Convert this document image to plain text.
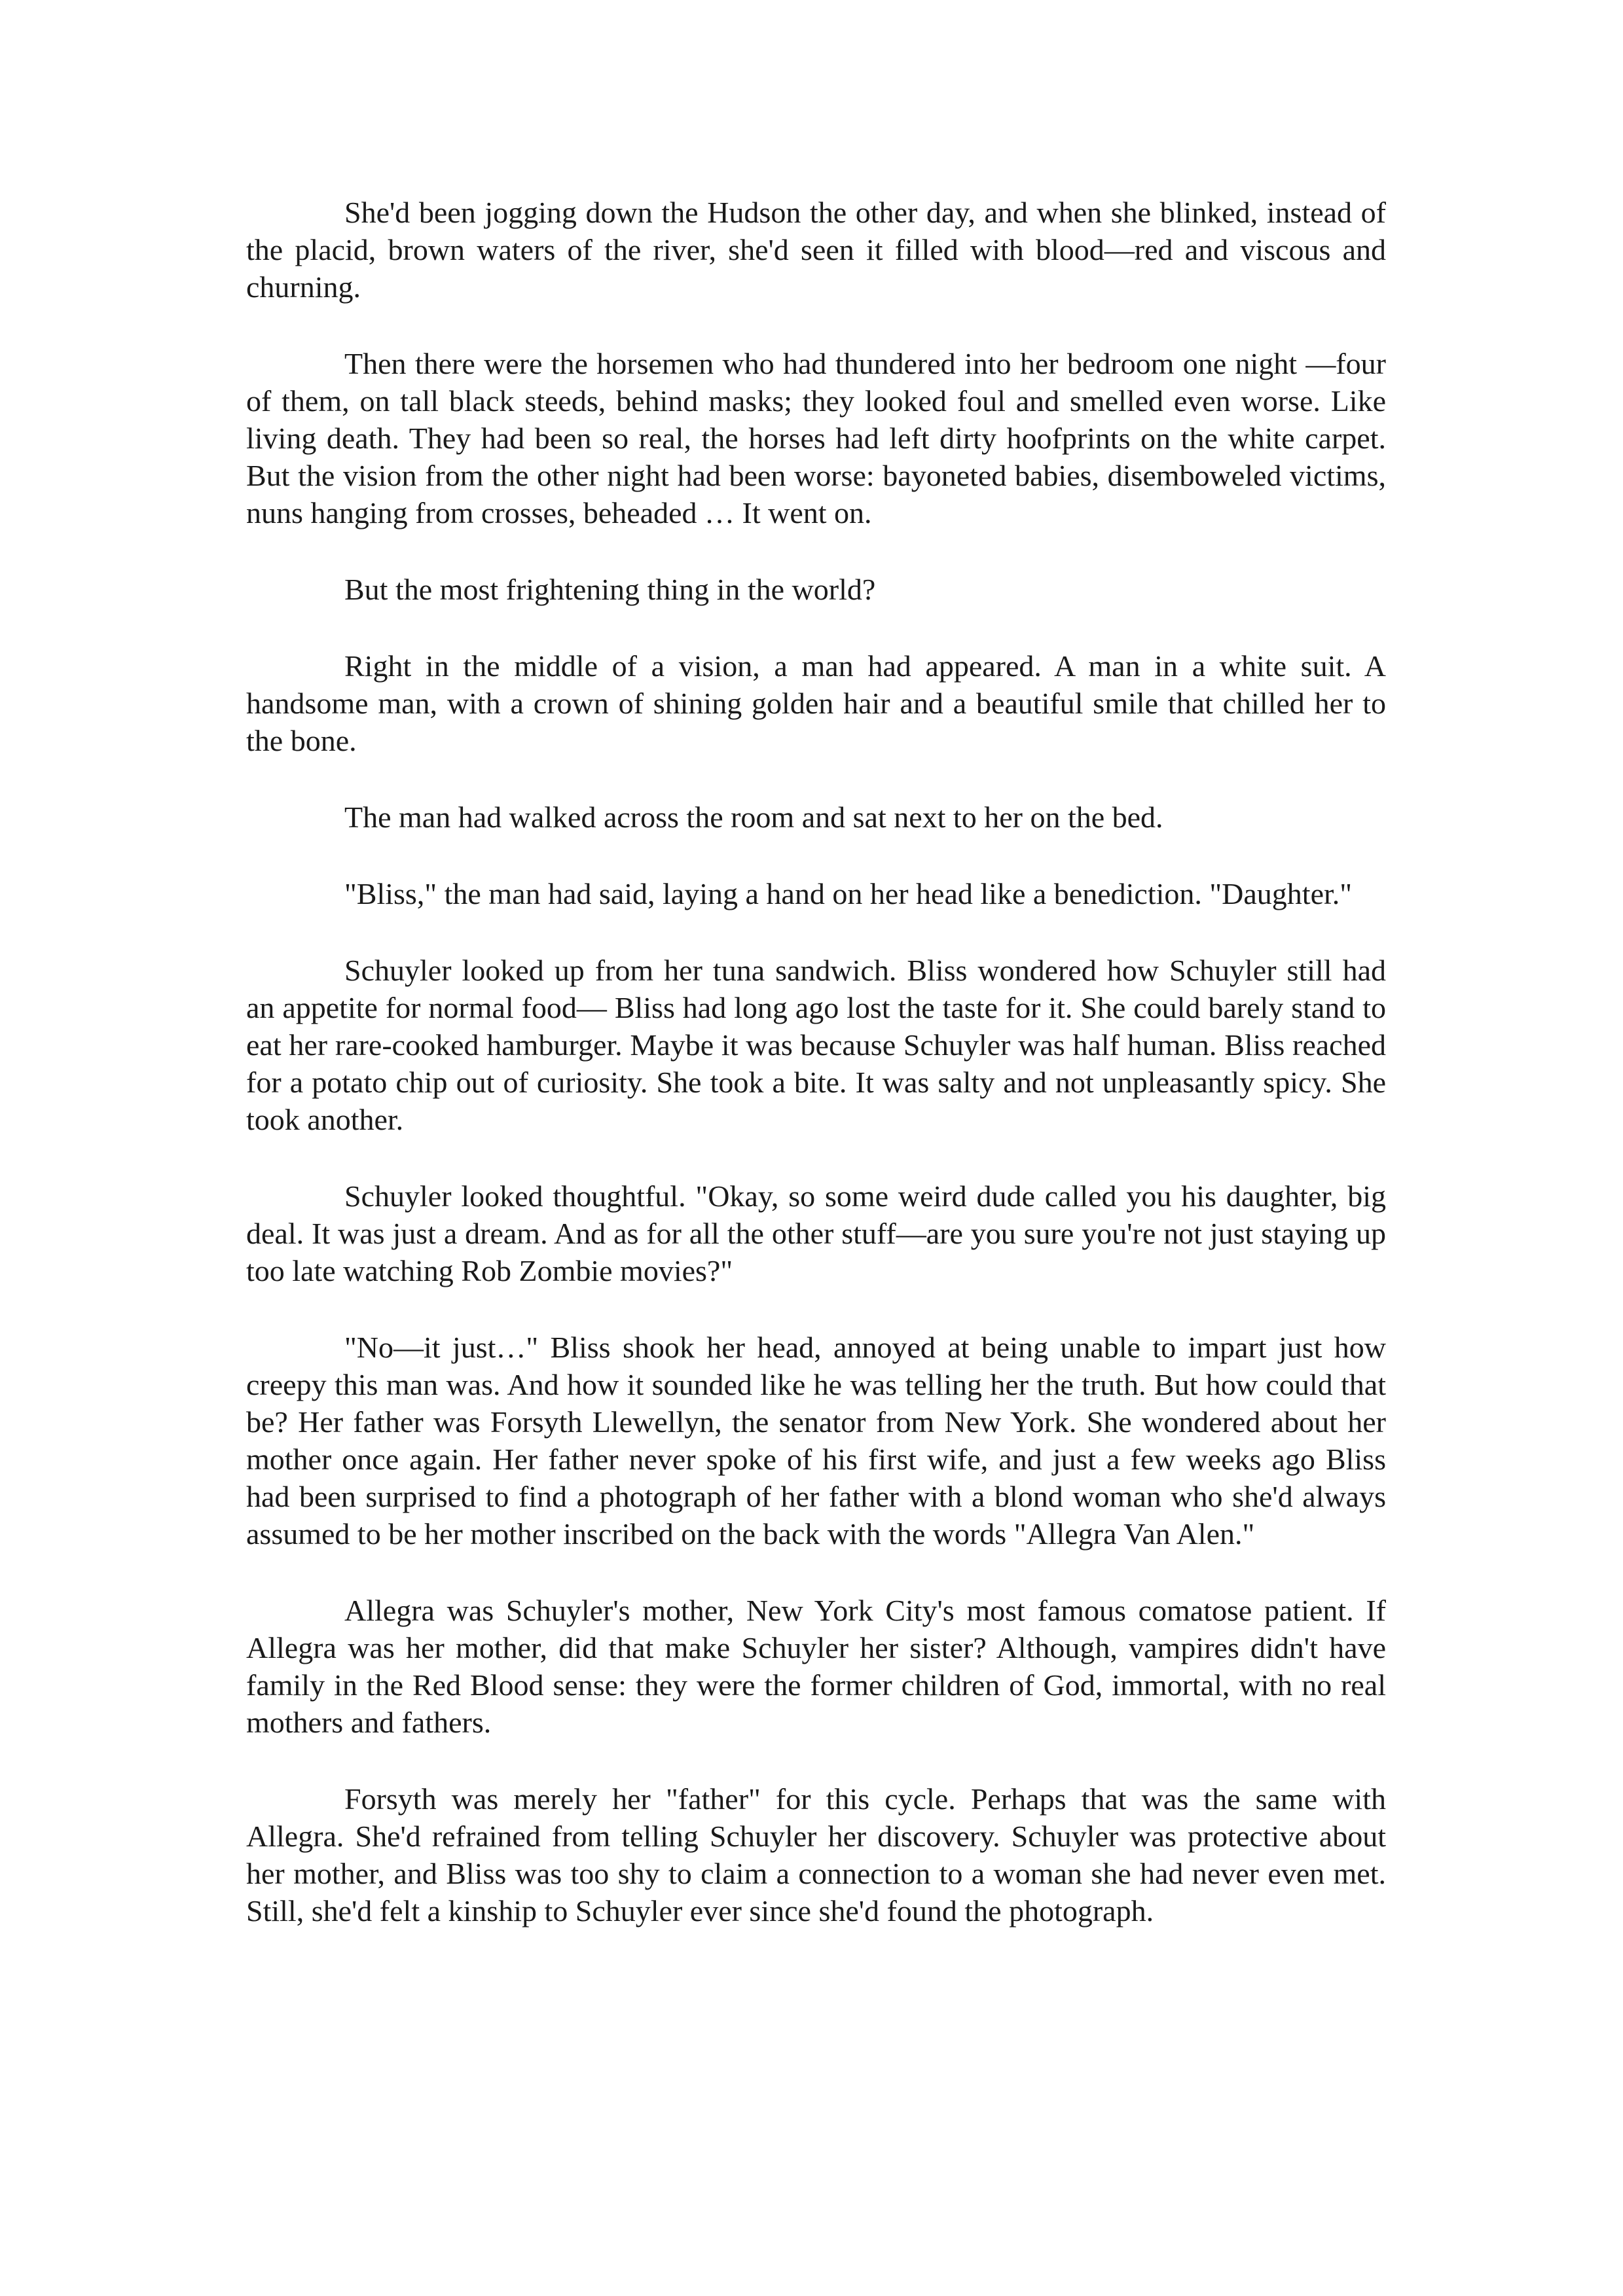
She'd been jogging down the Hudson the other day, and when she blinked, instead of the placid, brown waters of the river, she'd seen it filled with blood—red and viscous and churning.

Then there were the horsemen who had thundered into her bedroom one night —four of them, on tall black steeds, behind masks; they looked foul and smelled even worse. Like living death. They had been so real, the horses had left dirty hoofprints on the white carpet. But the vision from the other night had been worse: bayoneted babies, disemboweled victims, nuns hanging from crosses, beheaded … It went on.

But the most frightening thing in the world?

Right in the middle of a vision, a man had appeared. A man in a white suit. A handsome man, with a crown of shining golden hair and a beautiful smile that chilled her to the bone.

The man had walked across the room and sat next to her on the bed.

"Bliss," the man had said, laying a hand on her head like a benediction. "Daughter."

Schuyler looked up from her tuna sandwich. Bliss wondered how Schuyler still had an appetite for normal food— Bliss had long ago lost the taste for it. She could barely stand to eat her rare-cooked hamburger. Maybe it was because Schuyler was half human. Bliss reached for a potato chip out of curiosity. She took a bite. It was salty and not unpleasantly spicy. She took another.

Schuyler looked thoughtful. "Okay, so some weird dude called you his daughter, big deal. It was just a dream. And as for all the other stuff—are you sure you're not just staying up too late watching Rob Zombie movies?"

"No—it just…" Bliss shook her head, annoyed at being unable to impart just how creepy this man was. And how it sounded like he was telling her the truth. But how could that be? Her father was Forsyth Llewellyn, the senator from New York. She wondered about her mother once again. Her father never spoke of his first wife, and just a few weeks ago Bliss had been surprised to find a photograph of her father with a blond woman who she'd always assumed to be her mother inscribed on the back with the words "Allegra Van Alen."

Allegra was Schuyler's mother, New York City's most famous comatose patient. If Allegra was her mother, did that make Schuyler her sister? Although, vampires didn't have family in the Red Blood sense: they were the former children of God, immortal, with no real mothers and fathers.

Forsyth was merely her "father" for this cycle. Perhaps that was the same with Allegra. She'd refrained from telling Schuyler her discovery. Schuyler was protective about her mother, and Bliss was too shy to claim a connection to a woman she had never even met. Still, she'd felt a kinship to Schuyler ever since she'd found the photograph.
